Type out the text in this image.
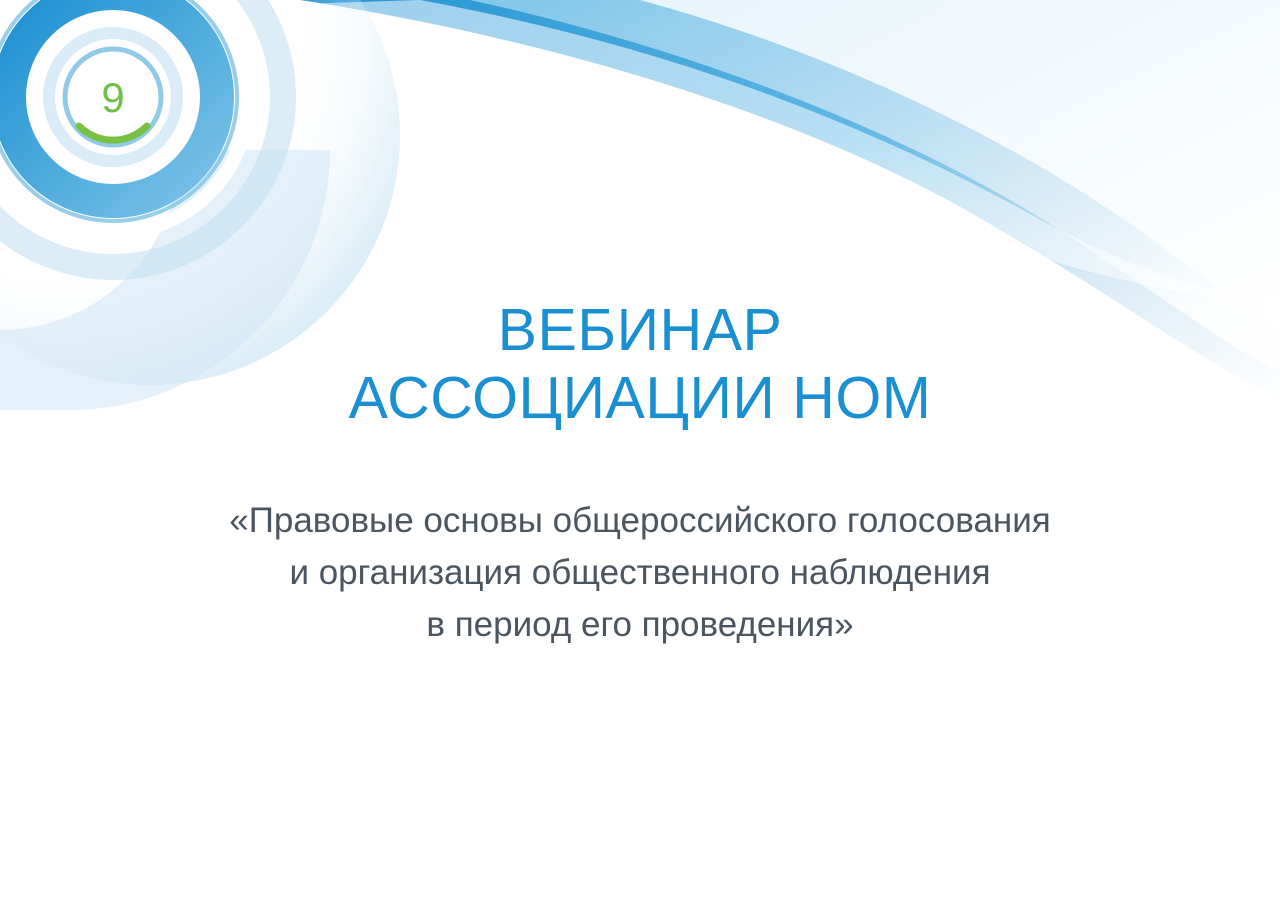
9
ВЕБИНАР
АССОЦИАЦИИ НОМ
«Правовые основы общероссийского голосования
и организация общественного наблюдения
в период его проведения»
